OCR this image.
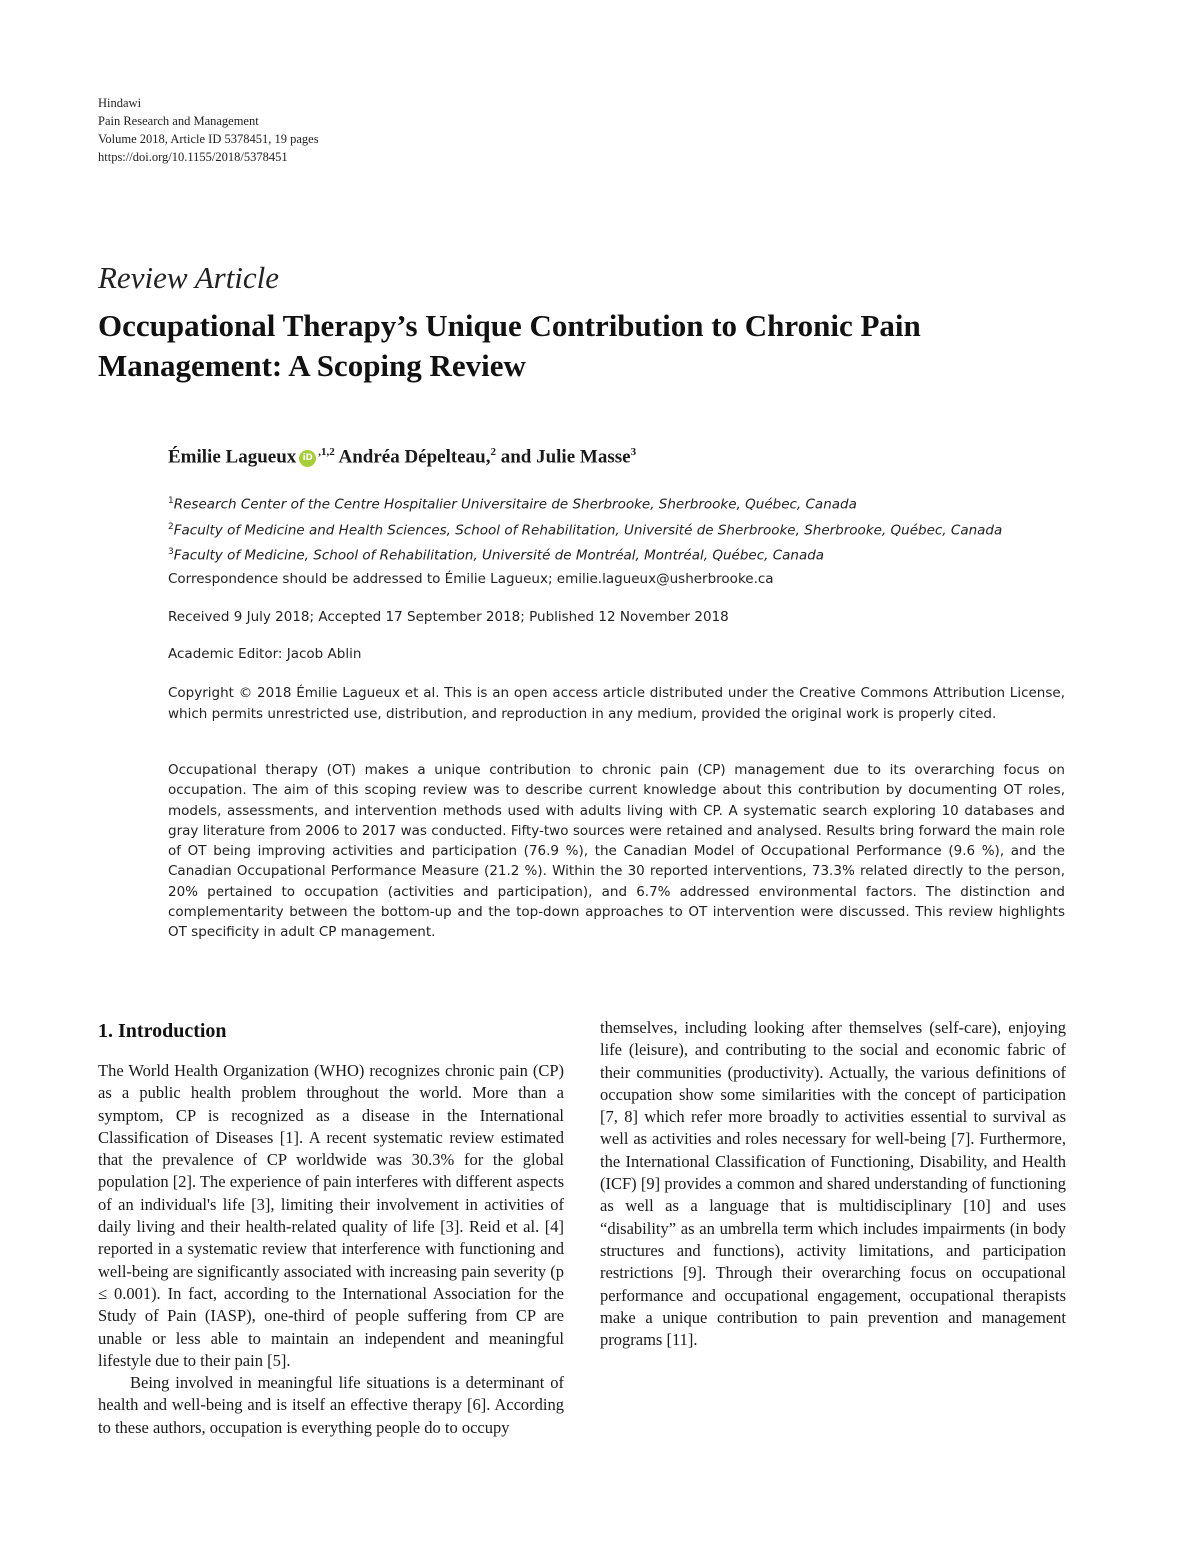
Hindawi
Pain Research and Management
Volume 2018, Article ID 5378451, 19 pages
https://doi.org/10.1155/2018/5378451
Review Article
Occupational Therapy’s Unique Contribution to Chronic Pain Management: A Scoping Review
Émilie Lagueux $iD^{,1,2}$ Andréa Dépelteau,$^2$ and Julie Masse$^3$
$^1$Research Center of the Centre Hospitalier Universitaire de Sherbrooke, Sherbrooke, Québec, Canada
$^2$Faculty of Medicine and Health Sciences, School of Rehabilitation, Université de Sherbrooke, Sherbrooke, Québec, Canada
$^3$Faculty of Medicine, School of Rehabilitation, Université de Montréal, Montréal, Québec, Canada
Correspondence should be addressed to Émilie Lagueux; emilie.lagueux@usherbrooke.ca
Received 9 July 2018; Accepted 17 September 2018; Published 12 November 2018
Academic Editor: Jacob Ablin
Copyright © 2018 Émilie Lagueux et al. This is an open access article distributed under the Creative Commons Attribution License, which permits unrestricted use, distribution, and reproduction in any medium, provided the original work is properly cited.
Occupational therapy (OT) makes a unique contribution to chronic pain (CP) management due to its overarching focus on occupation. The aim of this scoping review was to describe current knowledge about this contribution by documenting OT roles, models, assessments, and intervention methods used with adults living with CP. A systematic search exploring 10 databases and gray literature from 2006 to 2017 was conducted. Fifty-two sources were retained and analysed. Results bring forward the main role of OT being improving activities and participation (76.9 %), the Canadian Model of Occupational Performance (9.6 %), and the Canadian Occupational Performance Measure (21.2 %). Within the 30 reported interventions, 73.3% related directly to the person, 20% pertained to occupation (activities and participation), and 6.7% addressed environmental factors. The distinction and complementarity between the bottom-up and the top-down approaches to OT intervention were discussed. This review highlights OT specificity in adult CP management.
1. Introduction

The World Health Organization (WHO) recognizes chronic pain (CP) as a public health problem throughout the world. More than a symptom, CP is recognized as a disease in the International Classification of Diseases [1]. A recent systematic review estimated that the prevalence of CP worldwide was 30.3% for the global population [2]. The experience of pain interferes with different aspects of an individual's life [3], limiting their involvement in activities of daily living and their health-related quality of life [3]. Reid et al. [4] reported in a systematic review that interference with functioning and well-being are significantly associated with increasing pain severity (p ≤ 0.001). In fact, according to the International Association for the Study of Pain (IASP), one-third of people suffering from CP are unable or less able to maintain an independent and meaningful lifestyle due to their pain [5].

Being involved in meaningful life situations is a determinant of health and well-being and is itself an effective therapy [6]. According to these authors, occupation is everything people do to occupy

themselves, including looking after themselves (self-care), enjoying life (leisure), and contributing to the social and economic fabric of their communities (productivity). Actually, the various definitions of occupation show some similarities with the concept of participation [7, 8] which refer more broadly to activities essential to survival as well as activities and roles necessary for well-being [7]. Furthermore, the International Classification of Functioning, Disability, and Health (ICF) [9] provides a common and shared understanding of functioning as well as a language that is multidisciplinary [10] and uses “disability” as an umbrella term which includes impairments (in body structures and functions), activity limitations, and participation restrictions [9]. Through their overarching focus on occupational performance and occupational engagement, occupational therapists make a unique contribution to pain prevention and management programs [11].
